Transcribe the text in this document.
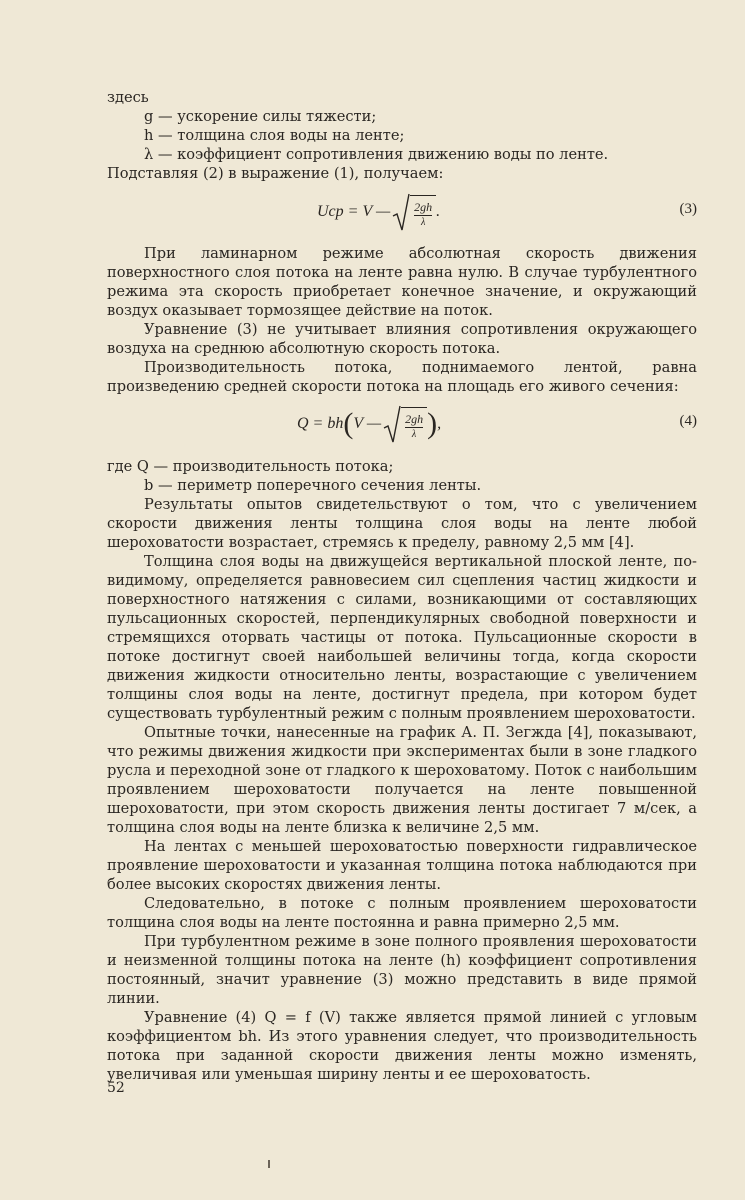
здесь

g — ускорение силы тяжести;

h — толщина слоя воды на ленте;

λ — коэффициент сопротивления движению воды по ленте.

Подставляя (2) в выражение (1), получаем:

Ucp = V — $\frac{2gh}{\lambda}$ .	(3)

При ламинарном режиме абсолютная скорость движения поверхностного слоя потока на ленте равна нулю. В случае турбулентного режима эта скорость приобретает конечное значение, и окружающий воздух оказывает тормозящее действие на поток.

Уравнение (3) не учитывает влияния сопротивления окружающего воздуха на среднюю абсолютную скорость потока.

Производительность потока, поднимаемого лентой, равна произведению средней скорости потока на площадь его живого сечения:

Q = bh ( V — $\frac{2gh}{\lambda}$ ) ,	(4)

где Q — производительность потока;

b — периметр поперечного сечения ленты.

Результаты опытов свидетельствуют о том, что с увеличением скорости движения ленты толщина слоя воды на ленте любой шероховатости возрастает, стремясь к пределу, равному 2,5 мм [4].

Толщина слоя воды на движущейся вертикальной плоской ленте, по-видимому, определяется равновесием сил сцепления частиц жидкости и поверхностного натяжения с силами, возникающими от составляющих пульсационных скоростей, перпендикулярных свободной поверхности и стремящихся оторвать частицы от потока. Пульсационные скорости в потоке достигнут своей наибольшей величины тогда, когда скорости движения жидкости относительно ленты, возрастающие с увеличением толщины слоя воды на ленте, достигнут предела, при котором будет существовать турбулентный режим с полным проявлением шероховатости.

Опытные точки, нанесенные на график А. П. Зегжда [4], показывают, что режимы движения жидкости при экспериментах были в зоне гладкого русла и переходной зоне от гладкого к шероховатому. Поток с наибольшим проявлением шероховатости получается на ленте повышенной шероховатости, при этом скорость движения ленты достигает 7 м/сек, а толщина слоя воды на ленте близка к величине 2,5 мм.

На лентах с меньшей шероховатостью поверхности гидравлическое проявление шероховатости и указанная толщина потока наблюдаются при более высоких скоростях движения ленты.

Следовательно, в потоке с полным проявлением шероховатости толщина слоя воды на ленте постоянна и равна примерно 2,5 мм.

При турбулентном режиме в зоне полного проявления шероховатости и неизменной толщины потока на ленте (h) коэффициент сопротивления постоянный, значит уравнение (3) можно представить в виде прямой линии.

Уравнение (4) Q = f (V) также является прямой линией с угловым коэффициентом bh. Из этого уравнения следует, что производительность потока при заданной скорости движения ленты можно изменять, увеличивая или уменьшая ширину ленты и ее шероховатость.

52
